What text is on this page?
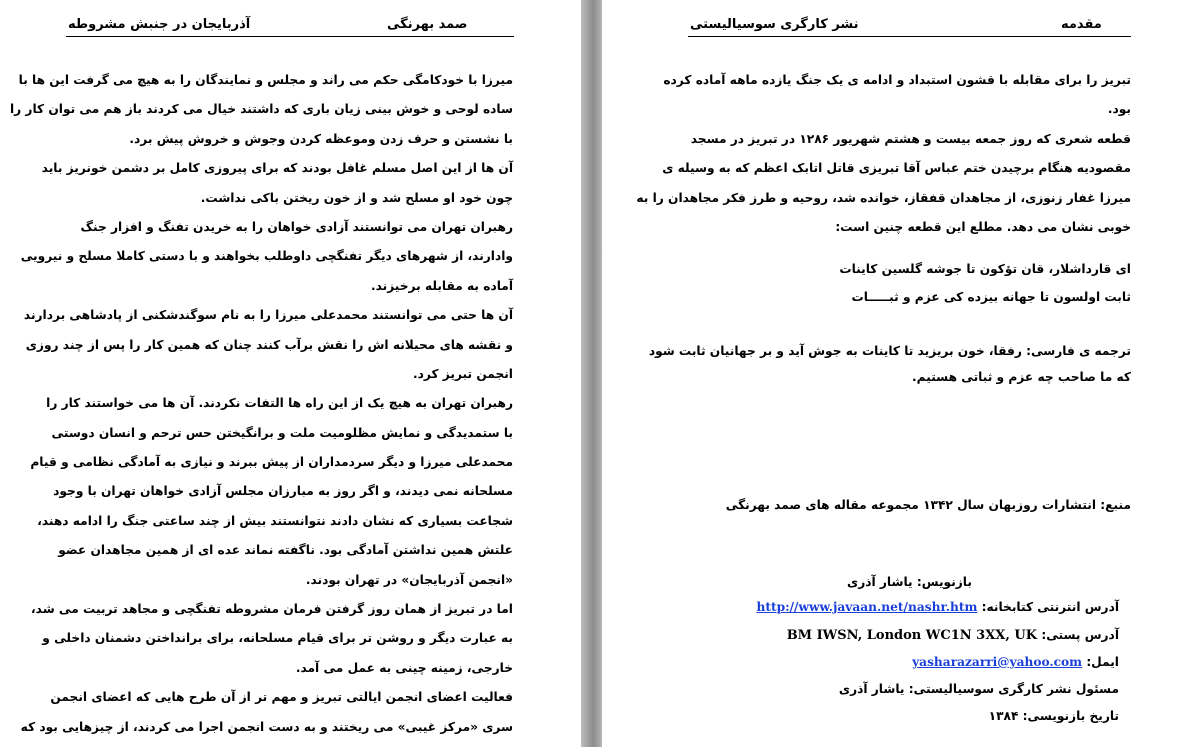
آذربایجان در جنبش مشروطه	صمد بهرنگی

میرزا با خودکامگی حکم می راند و مجلس و نمایندگان را به هیچ می گرفت این ها با
ساده لوحی و خوش بینی زیان باری که داشتند خیال می کردند باز هم می توان کار را
با نشستن و حرف زدن وموعظه کردن وجوش و خروش پیش برد.

آن ها از این اصل مسلم غافل بودند که برای پیروزی کامل بر دشمن خونریز باید
چون خود او مسلح شد و از خون ریختن باکی نداشت.

رهبران تهران می توانستند آزادی خواهان را به خریدن تفنگ و افزار جنگ
وادارند، از شهرهای دیگر تفنگچی داوطلب بخواهند و با دستی کاملا مسلح و نیرویی
آماده به مقابله برخیزند.

آن ها حتی می توانستند محمدعلی میرزا را به نام سوگندشکنی از پادشاهی بردارند
و نقشه های محیلانه اش را نقش برآب کنند چنان که همین کار را پس از چند روزی
انجمن تبریز کرد.

رهبران تهران به هیچ یک از این راه ها التفات نکردند. آن ها می خواستند کار را
با ستمدیدگی و نمایش مظلومیت ملت و برانگیختن حس ترحم و انسان دوستی
محمدعلی میرزا و دیگر سردمداران از پیش ببرند و نیازی به آمادگی نظامی و قیام
مسلحانه نمی دیدند، و اگر روز به مبارزان مجلس آزادی خواهان تهران با وجود
شجاعت بسیاری که نشان دادند نتوانستند بیش از چند ساعتی جنگ را ادامه دهند،
علتش همین نداشتن آمادگی بود. ناگفته نماند عده ای از همین مجاهدان عضو
«انجمن آذربایجان» در تهران بودند.

اما در تبریز از همان روز گرفتن فرمان مشروطه تفنگچی و مجاهد تربیت می شد،
به عبارت دیگر و روشن تر برای قیام مسلحانه، برای برانداختن دشمنان داخلی و
خارجی، زمینه چینی به عمل می آمد.

فعالیت اعضای انجمن ایالتی تبریز و مهم تر از آن طرح هایی که اعضای انجمن
سری «مرکز غیبی» می ریختند و به دست انجمن اجرا می کردند، از چیزهایی بود که

نشر کارگری سوسیالیستی	مقدمه

تبریز را برای مقابله با قشون استبداد و ادامه ی یک جنگ یازده ماهه آماده کرده
بود.

قطعه شعری که روز جمعه بیست و هشتم شهریور ۱۲۸۶ در تبریز در مسجد
مقصودیه هنگام برچیدن ختم عباس آقا تبریزی قاتل اتابک اعظم که به وسیله ی
میرزا غفار زنوزی، از مجاهدان قفقاز، خوانده شد، روحیه و طرز فکر مجاهدان را به
خوبی نشان می دهد. مطلع این قطعه چنین است:

ای قارداشلار، قان تؤکون تا جوشه گلسین کاینات
ثابت اولسون تا جهانه بیزده کی عزم و ثبـــــات
ترجمه ی فارسی: رفقا، خون بریزید تا کاینات به جوش آید و بر جهانیان ثابت شود
که ما صاحب چه عزم و ثباتی هستیم.
منبع: انتشارات روزبهان سال ۱۳۴۲ مجموعه مقاله های صمد بهرنگی
بازنویس: یاشار آذری
آدرس انترنتی کتابخانه: http://www.javaan.net/nashr.htm
آدرس پستی: BM IWSN, London WC‎1N 3XX, UK
ایمل: yasharazarri@yahoo.com
مسئول نشر کارگری سوسیالیستی: یاشار آذری
تاریخ بازنویسی: ۱۳۸۴
